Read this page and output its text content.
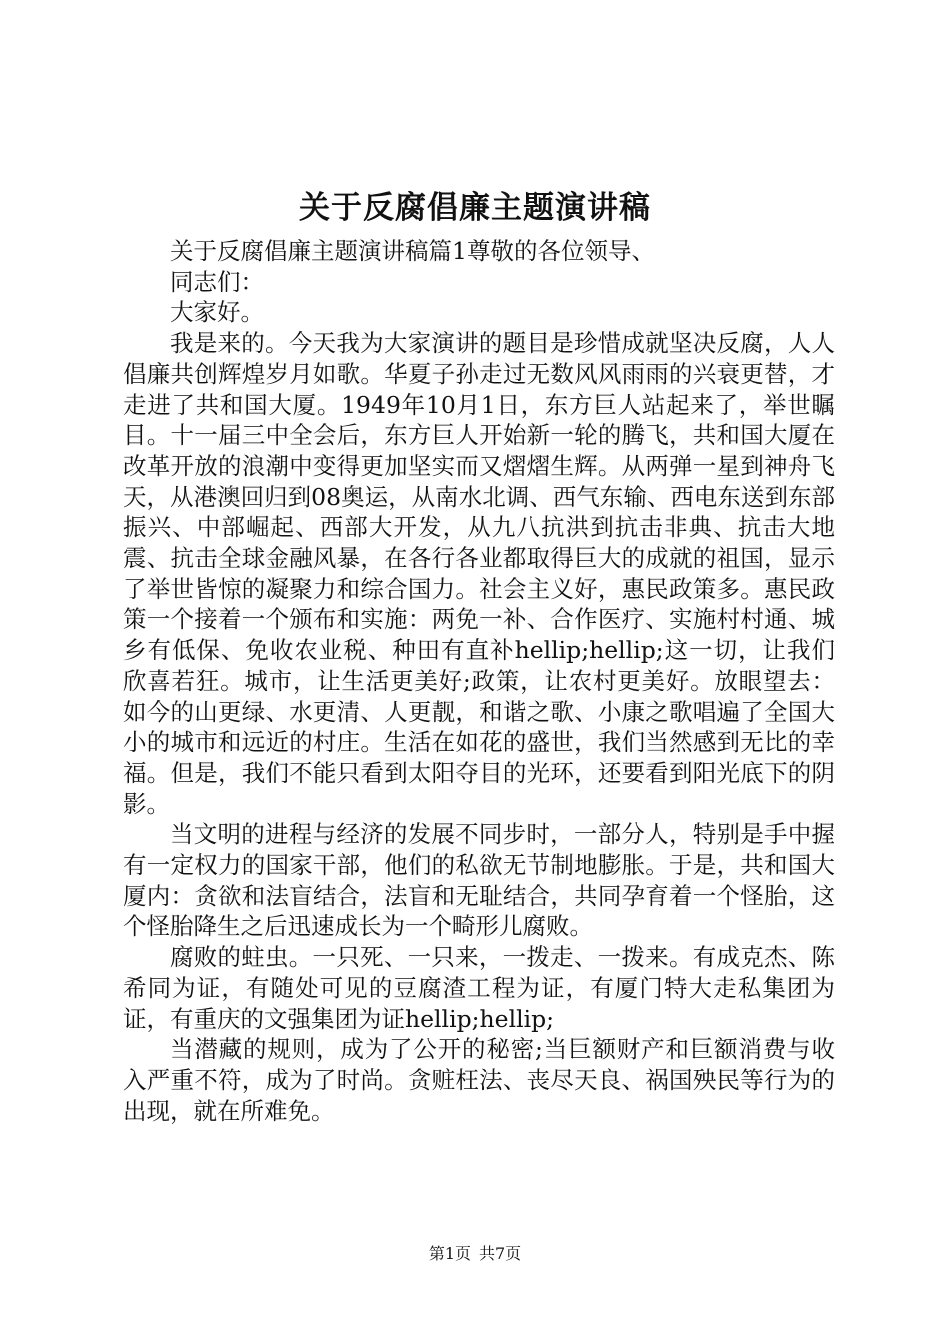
关于反腐倡廉主题演讲稿

关于反腐倡廉主题演讲稿篇1尊敬的各位领导、

同志们：

大家好。

我是来的。今天我为大家演讲的题目是珍惜成就坚决反腐，人人倡廉共创辉煌岁月如歌。华夏子孙走过无数风风雨雨的兴衰更替，才走进了共和国大厦。1949年10月1日，东方巨人站起来了，举世瞩目。十一届三中全会后，东方巨人开始新一轮的腾飞，共和国大厦在改革开放的浪潮中变得更加坚实而又熠熠生辉。从两弹一星到神舟飞天，从港澳回归到08奥运，从南水北调、西气东输、西电东送到东部振兴、中部崛起、西部大开发，从九八抗洪到抗击非典、抗击大地震、抗击全球金融风暴，在各行各业都取得巨大的成就的祖国，显示了举世皆惊的凝聚力和综合国力。社会主义好，惠民政策多。惠民政策一个接着一个颁布和实施：两免一补、合作医疗、实施村村通、城乡有低保、免收农业税、种田有直补hellip;hellip;这一切，让我们欣喜若狂。城市，让生活更美好;政策，让农村更美好。放眼望去：如今的山更绿、水更清、人更靓，和谐之歌、小康之歌唱遍了全国大小的城市和远近的村庄。生活在如花的盛世，我们当然感到无比的幸福。但是，我们不能只看到太阳夺目的光环，还要看到阳光底下的阴影。

当文明的进程与经济的发展不同步时，一部分人，特别是手中握有一定权力的国家干部，他们的私欲无节制地膨胀。于是，共和国大厦内：贪欲和法盲结合，法盲和无耻结合，共同孕育着一个怪胎，这个怪胎降生之后迅速成长为一个畸形儿腐败。

腐败的蛀虫。一只死、一只来，一拨走、一拨来。有成克杰、陈希同为证，有随处可见的豆腐渣工程为证，有厦门特大走私集团为证，有重庆的文强集团为证hellip;hellip;

当潜藏的规则，成为了公开的秘密;当巨额财产和巨额消费与收入严重不符，成为了时尚。贪赃枉法、丧尽天良、祸国殃民等行为的出现，就在所难免。

第1页 共7页
